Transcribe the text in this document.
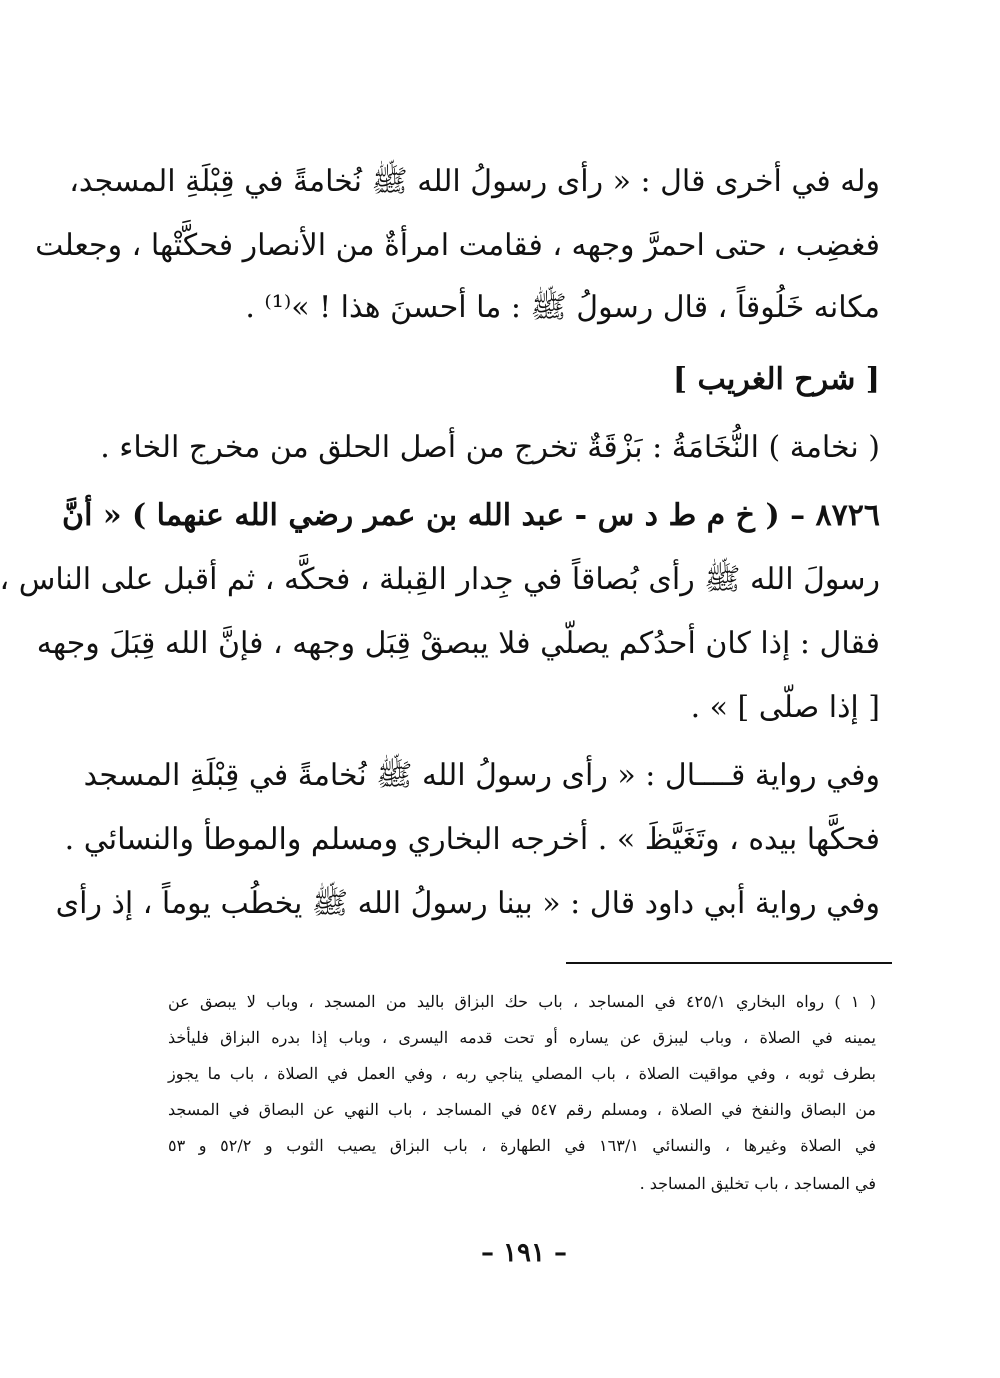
وله في أخرى قال : « رأى رسولُ الله ﷺ نُخامةً في قِبْلَةِ المسجد،
فغضِب ، حتى احمرَّ وجهه ، فقامت امرأةٌ من الأنصار فحكَّتْها ، وجعلت
مكانه خَلُوقاً ، قال رسولُ ﷺ : ما أحسنَ هذا ! »⁽¹⁾ .
[ شرح الغريب ]
( نخامة ) النُّخَامَةُ : بَزْقَةٌ تخرج من أصل الحلق من مخرج الخاء .
٨٧٢٦ – ( خ م ط د س - عبد الله بن عمر رضي الله عنهما ) « أنَّ
رسولَ الله ﷺ رأى بُصاقاً في جِدار القِبلة ، فحكَّه ، ثم أقبل على الناس ،
فقال : إذا كان أحدُكم يصلّي فلا يبصقْ قِبَل وجهه ، فإنَّ الله قِبَلَ وجهه
[ إذا صلّى ] » .
وفي رواية قــــال : « رأى رسولُ الله ﷺ نُخامةً في قِبْلَةِ المسجد
فحكَّها بيده ، وتَغَيَّظَ » . أخرجه البخاري ومسلم والموطأ والنسائي .
وفي رواية أبي داود قال : « بينا رسولُ الله ﷺ يخطُب يوماً ، إذ رأى
( ١ ) رواه البخاري ٤٢٥/١ في المساجد ، باب حك البزاق باليد من المسجد ، وباب لا يبصق عن
يمينه في الصلاة ، وباب ليبزق عن يساره أو تحت قدمه اليسرى ، وباب إذا بدره البزاق فليأخذ
بطرف ثوبه ، وفي مواقيت الصلاة ، باب المصلي يناجي ربه ، وفي العمل في الصلاة ، باب ما يجوز
من البصاق والنفخ في الصلاة ، ومسلم رقم ٥٤٧ في المساجد ، باب النهي عن البصاق في المسجد
في الصلاة وغيرها ، والنسائي ١٦٣/١ في الطهارة ، باب البزاق يصيب الثوب و ٥٢/٢ و ٥٣
في المساجد ، باب تخليق المساجد .
– ١٩١ –
